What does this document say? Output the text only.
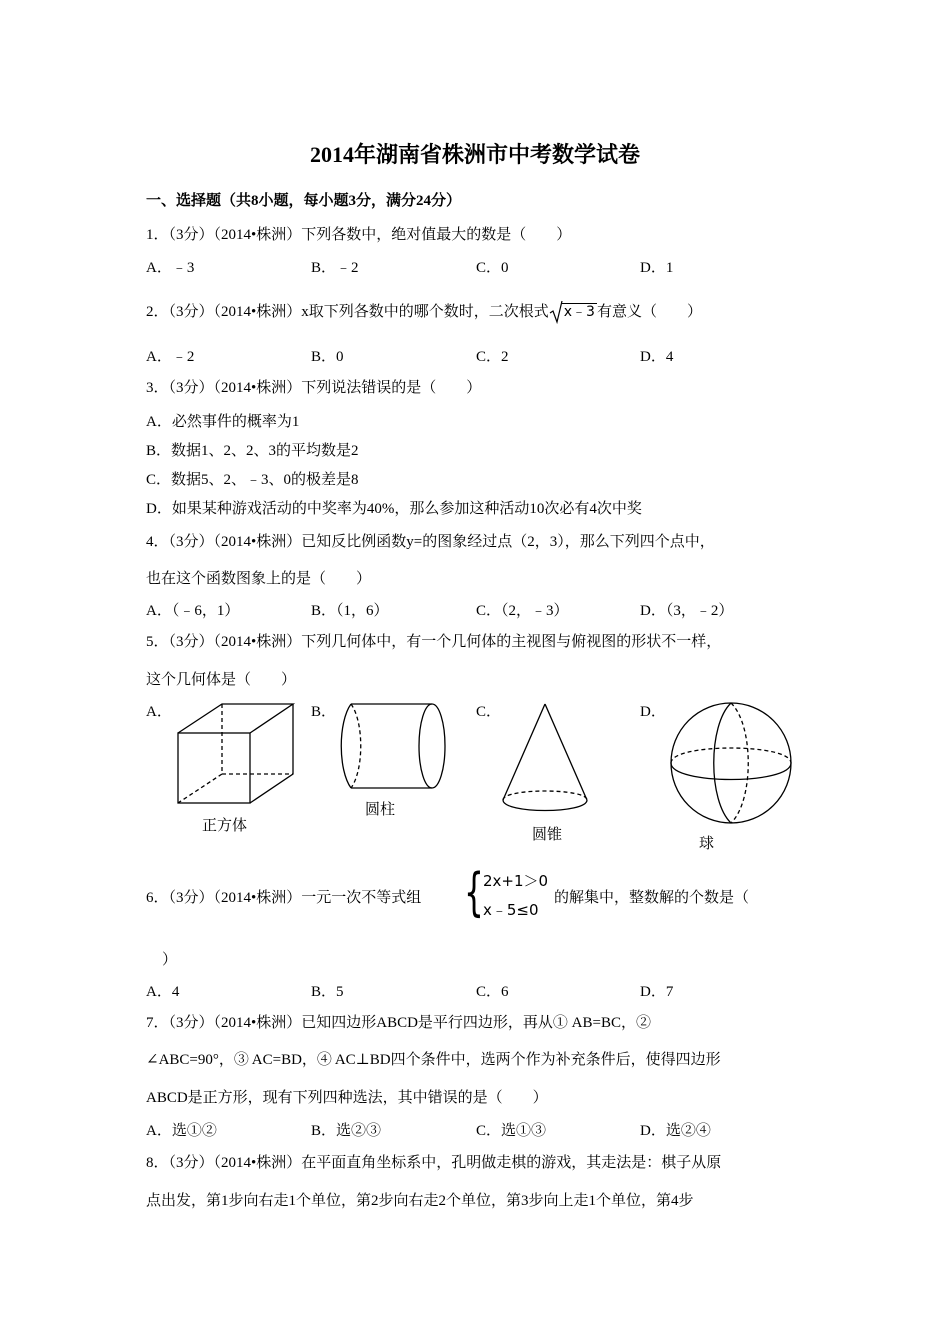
2014年湖南省株洲市中考数学试卷
一、选择题（共8小题，每小题3分，满分24分）
1．（3分）（2014•株洲）下列各数中，绝对值最大的数是（　　）
A．﹣3	B．﹣2	C．0	D．1
2．（3分）（2014•株洲）x取下列各数中的哪个数时，二次根式 x﹣3 有意义（　　）
A．﹣2	B．0	C．2	D．4
3．（3分）（2014•株洲）下列说法错误的是（　　）
A．必然事件的概率为1
B．数据1、2、2、3的平均数是2
C．数据5、2、﹣3、0的极差是8
D．如果某种游戏活动的中奖率为40%，那么参加这种活动10次必有4次中奖
4．（3分）（2014•株洲）已知反比例函数y=的图象经过点（2，3），那么下列四个点中，
也在这个函数图象上的是（　　）
A．（﹣6，1）	B．（1，6）	C．（2，﹣3）	D．（3，﹣2）
5．（3分）（2014•株洲）下列几何体中，有一个几何体的主视图与俯视图的形状不一样，
这个几何体是（　　）
A．	B．	C．	D．
正方体
圆柱
圆锥
球
6．（3分）（2014•株洲）一元一次不等式组 { 2x+1＞0
x﹣5≤0
的解集中，整数解的个数是（
）
A．4	B．5	C．6	D．7
7．（3分）（2014•株洲）已知四边形ABCD是平行四边形，再从① AB=BC，②
∠ABC=90°，③ AC=BD，④ AC⊥BD四个条件中，选两个作为补充条件后，使得四边形
ABCD是正方形，现有下列四种选法，其中错误的是（　　）
A．选①②	B．选②③	C．选①③	D．选②④
8．（3分）（2014•株洲）在平面直角坐标系中，孔明做走棋的游戏，其走法是：棋子从原
点出发，第1步向右走1个单位，第2步向右走2个单位，第3步向上走1个单位，第4步
